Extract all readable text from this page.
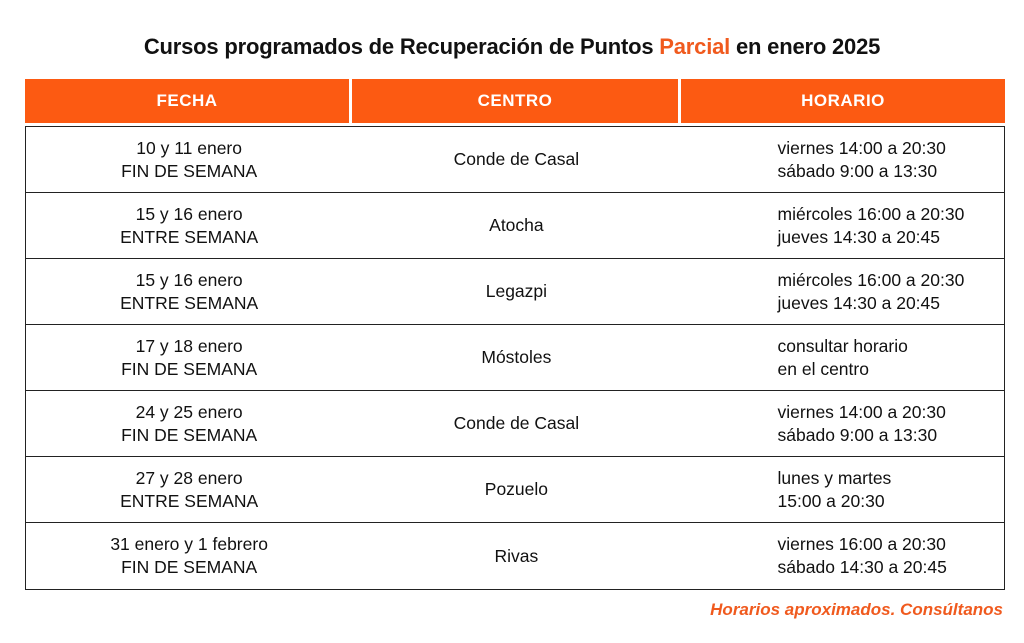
Cursos programados de Recuperación de Puntos Parcial en enero 2025
FECHA	CENTRO	HORARIO
10 y 11 enero
FIN DE SEMANA
Conde de Casal
viernes 14:00 a 20:30
sábado 9:00 a 13:30
15 y 16 enero
ENTRE SEMANA
Atocha
miércoles 16:00 a 20:30
jueves 14:30 a 20:45
15 y 16 enero
ENTRE SEMANA
Legazpi
miércoles 16:00 a 20:30
jueves 14:30 a 20:45
17 y 18 enero
FIN DE SEMANA
Móstoles
consultar horario
en el centro
24 y 25 enero
FIN DE SEMANA
Conde de Casal
viernes 14:00 a 20:30
sábado 9:00 a 13:30
27 y 28 enero
ENTRE SEMANA
Pozuelo
lunes y martes
15:00 a 20:30
31 enero y 1 febrero
FIN DE SEMANA
Rivas
viernes 16:00 a 20:30
sábado 14:30 a 20:45
Horarios aproximados. Consúltanos
